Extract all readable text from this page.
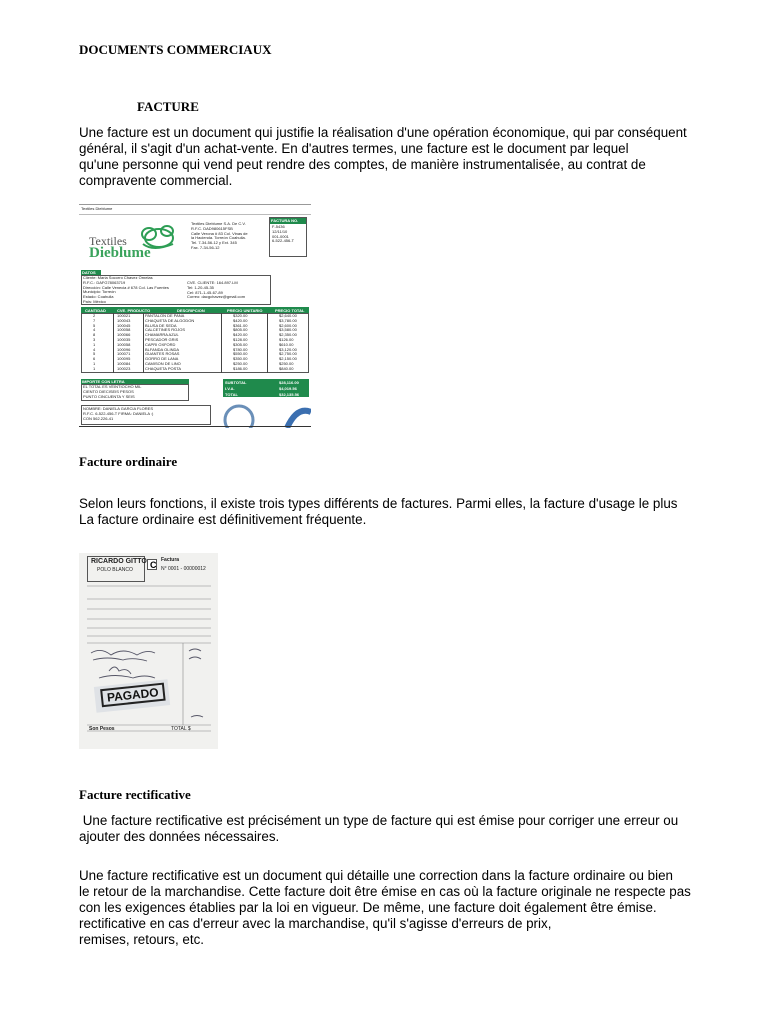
DOCUMENTS COMMERCIAUX
FACTURE
Une facture est un document qui justifie la réalisation d'une opération économique, qui par conséquent
général, il s'agit d'un achat-vente. En d'autres termes, une facture est le document par lequel
qu'une personne qui vend peut rendre des comptes, de manière instrumentalisée, au contrat de
compravente commercial.
Textiles Dieblume
Textiles
Dieblume
Textiles Dieblume S.A. De C.V.
R.F.C. DAD980615FSB
Calle Verona # 83 Col. Vinas de
la Hacienda. Torreón Coahuila.
Tel. 7-34-56-12 y Ext. 345
Fax. 7-34-56-12
FACTURA NO.
F-5436
12/11/10
001-0001
6-522-456-T
DATOS
Cliente: Maria Socorro Chavez Ornelas
R.F.C.: DAFG78063719
Dirección: Calle Venecia # 678 Col. Las Fuentes
Municipio: Torreón
Estado: Coahuila
País: México
CVE. CLIENTE: 164.897.LM
Tel: 1-20-45-35
Cel: 871-1-45-67-89
Correo: dacgchavez@gmail.com
CANTIDAD	CVE. PRODUCTO	DESCRIPCION	PRECIO UNITARIO	PRECIO TOTAL
2	100021	PANTALON DE PANA	$320.00	$2,640.00
7	100043	CHAQUETA DE ALGODON	$420.00	$3,780.00
5	100045	BLUSA DE SEDA	$361.00	$2,600.00
4	100058	CALCETINES ROJOS	$805.00	$3,580.00
8	100066	CHAMARRA AZUL	$420.00	$2,350.00
3	100035	PESCADOR GRIS	$128.00	$126.00
1	100058	CAPRI OXFORD	$305.00	$610.00
4	100096	BLFANDA OLINDA	$780.00	$3,120.00
5	100071	GUANTES ROSAS	$550.00	$2,750.00
6	100095	GORRO DE LANA	$350.00	$2,150.00
1	100084	CAMISON DE LINO	$250.00	$250.00
1	100023	CHAQUETA POSTA	$186.00	$840.00
IMPORTE CON LETRA
EL TOTAL ES VEINTIOCHO MIL
CIENTO DIECISEIS PESOS
PUNTO CINCUENTA Y SEIS
SUBTOTAL	$28,116.00
I.V.A.	$4,019.56
TOTAL	$32,135.56
NOMBRE: DANIELA GARCIA FLORES
R.F.C. 6-522-456-T FIRMA: DANIELA :)
CON 562.226-41
Facture ordinaire
Selon leurs fonctions, il existe trois types différents de factures. Parmi elles, la facture d'usage le plus
La facture ordinaire est définitivement fréquente.
RICARDO GITTO
POLO BLANCO C Factura
N° 0001 - 00000012
PAGADO
Son Pesos	TOTAL $
Facture rectificative
Une facture rectificative est précisément un type de facture qui est émise pour corriger une erreur ou
ajouter des données nécessaires.
Une facture rectificative est un document qui détaille une correction dans la facture ordinaire ou bien
le retour de la marchandise. Cette facture doit être émise en cas où la facture originale ne respecte pas
con les exigences établies par la loi en vigueur. De même, une facture doit également être émise.
rectificative en cas d'erreur avec la marchandise, qu'il s'agisse d'erreurs de prix,
remises, retours, etc.
